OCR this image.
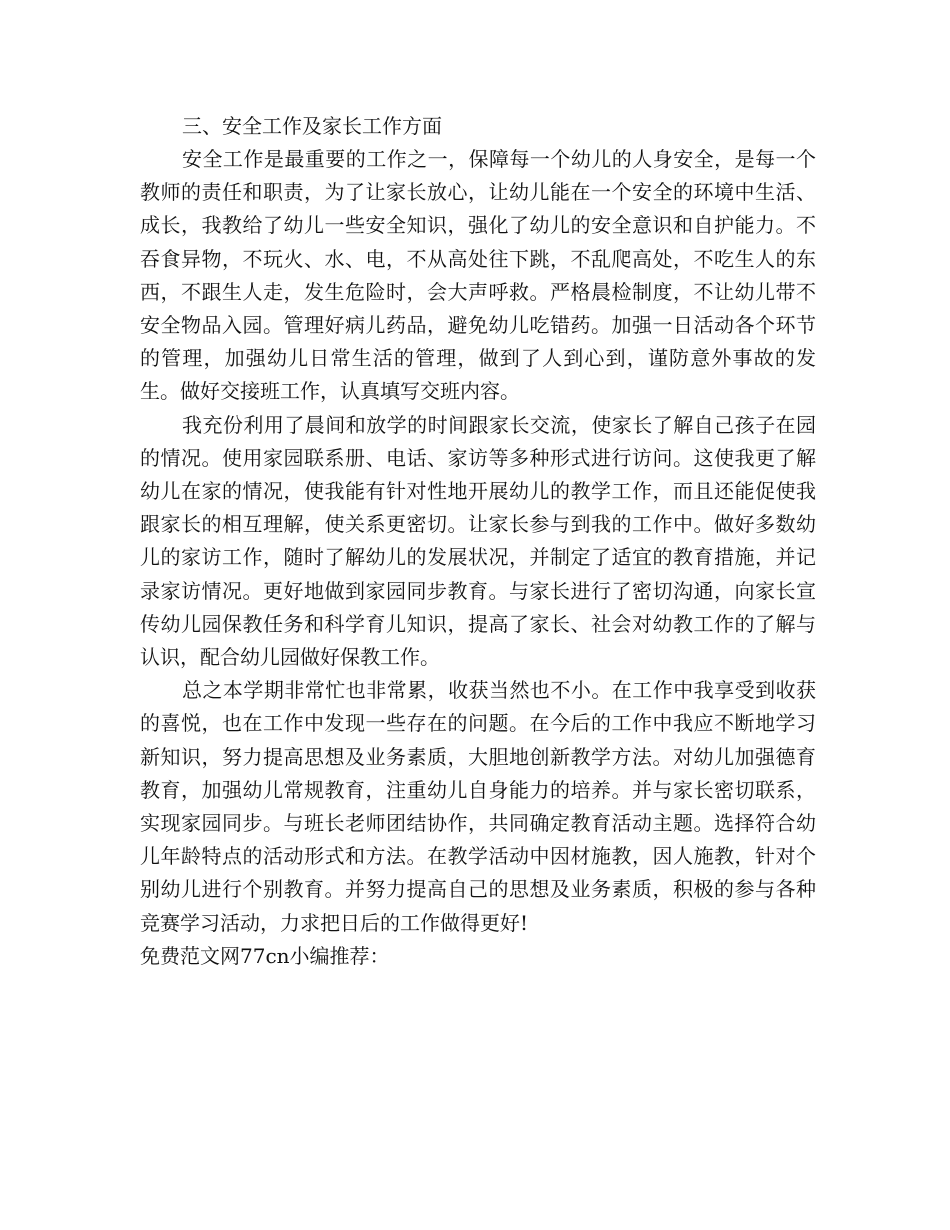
三、安全工作及家长工作方面

安全工作是最重要的工作之一，保障每一个幼儿的人身安全，是每一个教师的责任和职责，为了让家长放心，让幼儿能在一个安全的环境中生活、成长，我教给了幼儿一些安全知识，强化了幼儿的安全意识和自护能力。不吞食异物，不玩火、水、电，不从高处往下跳，不乱爬高处，不吃生人的东西，不跟生人走，发生危险时，会大声呼救。严格晨检制度，不让幼儿带不安全物品入园。管理好病儿药品，避免幼儿吃错药。加强一日活动各个环节的管理，加强幼儿日常生活的管理，做到了人到心到，谨防意外事故的发生。做好交接班工作，认真填写交班内容。

我充份利用了晨间和放学的时间跟家长交流，使家长了解自己孩子在园的情况。使用家园联系册、电话、家访等多种形式进行访问。这使我更了解幼儿在家的情况，使我能有针对性地开展幼儿的教学工作，而且还能促使我跟家长的相互理解，使关系更密切。让家长参与到我的工作中。做好多数幼儿的家访工作，随时了解幼儿的发展状况，并制定了适宜的教育措施，并记录家访情况。更好地做到家园同步教育。与家长进行了密切沟通，向家长宣传幼儿园保教任务和科学育儿知识，提高了家长、社会对幼教工作的了解与认识，配合幼儿园做好保教工作。

总之本学期非常忙也非常累，收获当然也不小。在工作中我享受到收获的喜悦，也在工作中发现一些存在的问题。在今后的工作中我应不断地学习新知识，努力提高思想及业务素质，大胆地创新教学方法。对幼儿加强德育教育，加强幼儿常规教育，注重幼儿自身能力的培养。并与家长密切联系，实现家园同步。与班长老师团结协作，共同确定教育活动主题。选择符合幼儿年龄特点的活动形式和方法。在教学活动中因材施教，因人施教，针对个别幼儿进行个别教育。并努力提高自己的思想及业务素质，积极的参与各种竞赛学习活动，力求把日后的工作做得更好!

免费范文网77cn小编推荐：
